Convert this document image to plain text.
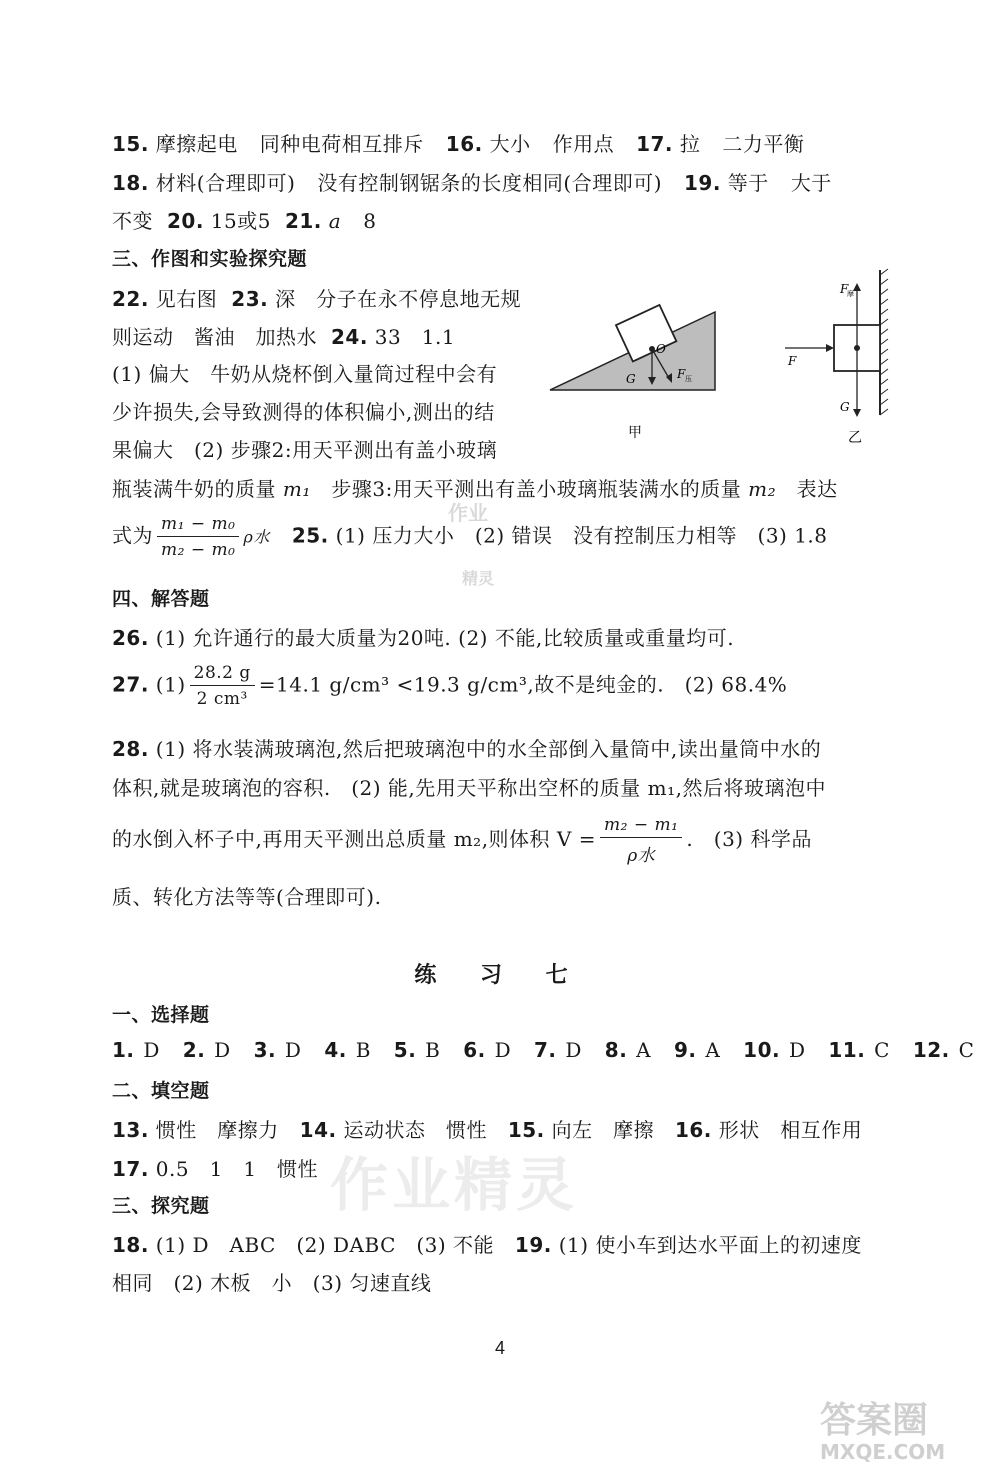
15. 摩擦起电 同种电荷相互排斥 16. 大小 作用点 17. 拉 二力平衡
18. 材料(合理即可) 没有控制钢锯条的长度相同(合理即可) 19. 等于 大于
不变 20. 15或5 21. a 8
三、作图和实验探究题
22. 见右图 23. 深　分子在永不停息地无规
则运动　酱油　加热水 24. 33　1.1
(1) 偏大　牛奶从烧杯倒入量筒过程中会有
少许损失,会导致测得的体积偏小,测出的结
果偏大　(2) 步骤2:用天平测出有盖小玻璃
瓶装满牛奶的质量 m₁　步骤3:用天平测出有盖小玻璃瓶装满水的质量 m₂　表达
式为 $\frac{\text{m₁ − m₀}}{\text{m₂ − m₀}}$ ρ水 25. (1) 压力大小　(2) 错误　没有控制压力相等　(3) 1.8
四、解答题
26. (1) 允许通行的最大质量为20吨. (2) 不能,比较质量或重量均可.
27. $(1) \frac{28.2 g}{\text{2 cm³}} =14.1$ g/cm³ <19.3 g/cm³,故不是纯金的.　(2) 68.4%
28. (1) 将水装满玻璃泡,然后把玻璃泡中的水全部倒入量筒中,读出量筒中水的
体积,就是玻璃泡的容积.　(2) 能,先用天平称出空杯的质量 m₁,然后将玻璃泡中
的水倒入杯子中,再用天平测出总质量 m₂,则体积 $V = \frac{\text{m₂ − m₁}}{\text{ρ水}}$ .　(3) 科学品
质、转化方法等等(合理即可).
O
G	F 压
甲
F
摩
F
G
乙
练 习 七
一、选择题
1. D 2. D 3. D 4. B 5. B 6. D 7. D 8. A 9. A 10. D 11. C 12. C
二、填空题
13. 惯性　摩擦力 14. 运动状态　惯性 15. 向左　摩擦 16. 形状　相互作用
17. 0.5　1　1　惯性
三、探究题
18. (1) D　ABC　(2) DABC　(3) 不能 19. (1) 使小车到达水平面上的初速度
相同　(2) 木板　小　(3) 匀速直线
4
作业
精灵
作业精灵
答案圈
MXQE.COM
